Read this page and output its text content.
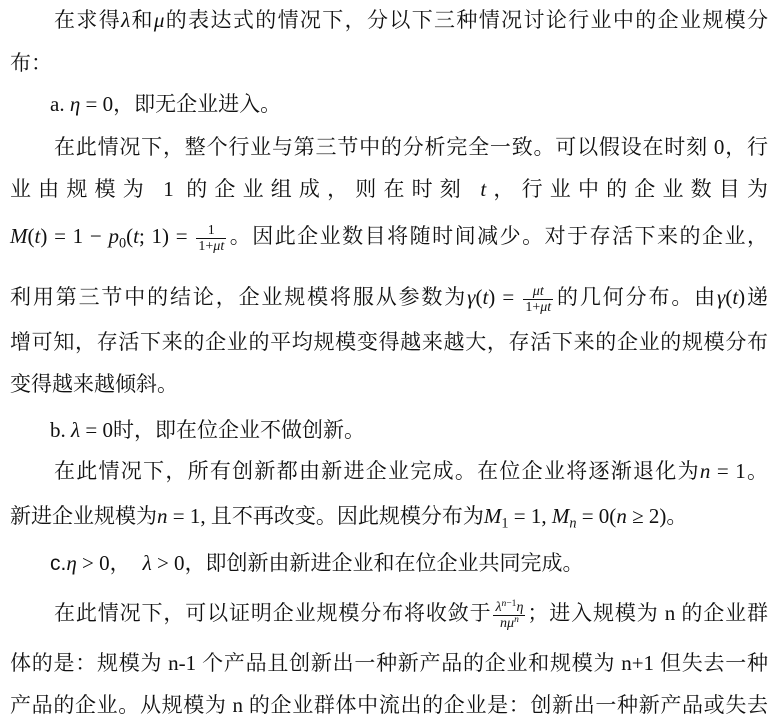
在求得λ和μ的表达式的情况下，分以下三种情况讨论行业中的企业规模分
布：
a. η = 0，即无企业进入。
在此情况下，整个行业与第三节中的分析完全一致。可以假设在时刻 0，行
业由规模为 1 的企业组成，则在时刻 t，行业中的企业数目为
$M(t) = 1 - p_0(t$; $1) = \frac{1}{1+\mu t}$ 。因此企业数目将随时间减少。对于存活下来的企业，
利用第三节中的结论，企业规模将服从参数为$\gamma(t) = \frac{\mu t}{1+\mu t}$ 的几何分布。由γ(t)递
增可知，存活下来的企业的平均规模变得越来越大，存活下来的企业的规模分布
变得越来越倾斜。
b. λ = 0时，即在位企业不做创新。
在此情况下，所有创新都由新进企业完成。在位企业将逐渐退化为n = 1。
新进企业规模为n = 1, 且不再改变。因此规模分布为$M_1 = 1$, $M_n = 0(n \ge 2)$。
c.η > 0， λ > 0，即创新由新进企业和在位企业共同完成。
在此情况下，可以证明企业规模分布将收敛于 $\frac{\lambda^{n-1}\eta}{n\mu^n}$ ；进入规模为 n 的企业群
体的是：规模为 n-1 个产品且创新出一种新产品的企业和规模为 n+1 但失去一种
产品的企业。从规模为 n 的企业群体中流出的企业是：创新出一种新产品或失去
